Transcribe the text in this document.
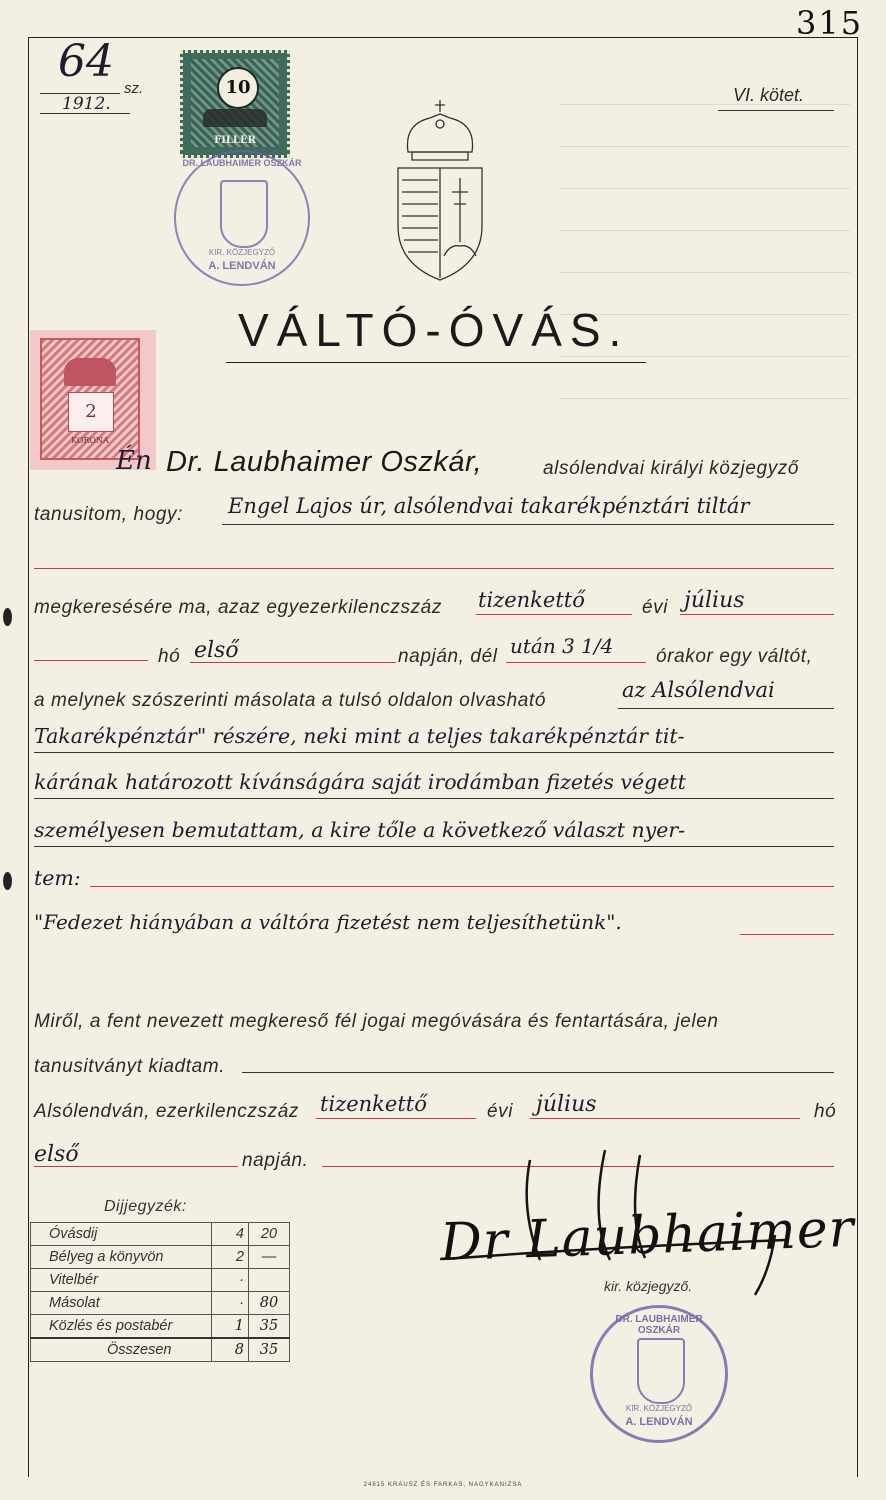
315
64
sz.
1912.	VI. kötet.
10
FILLÉR
2
KORONA
DR. LAUBHAIMER OSZKÁR
KIR. KÖZJEGYZŐ
A. LENDVÁN
VÁLTÓ-ÓVÁS.
Én Dr. Laubhaimer Oszkár,	alsólendvai királyi közjegyző
tanusitom, hogy: Engel Lajos úr, alsólendvai takarékpénztári tiltár
megkeresésére ma, azaz egyezerkilenczszáz tizenkettő	évi július
hó első	napján, dél után 3 1/4 órakor egy váltót,
a melynek szószerinti másolata a tulsó oldalon olvasható	az Alsólendvai
Takarékpénztár" részére, neki mint a teljes takarékpénztár tit-
kárának határozott kívánságára saját irodámban fizetés végett
személyesen bemutattam, a kire tőle a következő választ nyer-
tem:
"Fedezet hiányában a váltóra fizetést nem teljesíthetünk".
Miről, a fent nevezett megkereső fél jogai megóvására és fentartására, jelen
tanusitványt kiadtam.
Alsólendván, ezerkilenczszáz tizenkettő	évi július	hó
első	napján.
Dijjegyzék:
Óvásdij	4	20
Bélyeg a könyvön	2	—
Vitelbér	·	
Másolat	·	80
Közlés és postabér	1	35
Összesen	8	35
Dr Laubhaimer
kir. közjegyző.
DR. LAUBHAIMER OSZKÁR
KIR. KÖZJEGYZŐ
A. LENDVÁN
24815 KRAUSZ ÉS FARKAS, NAGYKANIZSA
